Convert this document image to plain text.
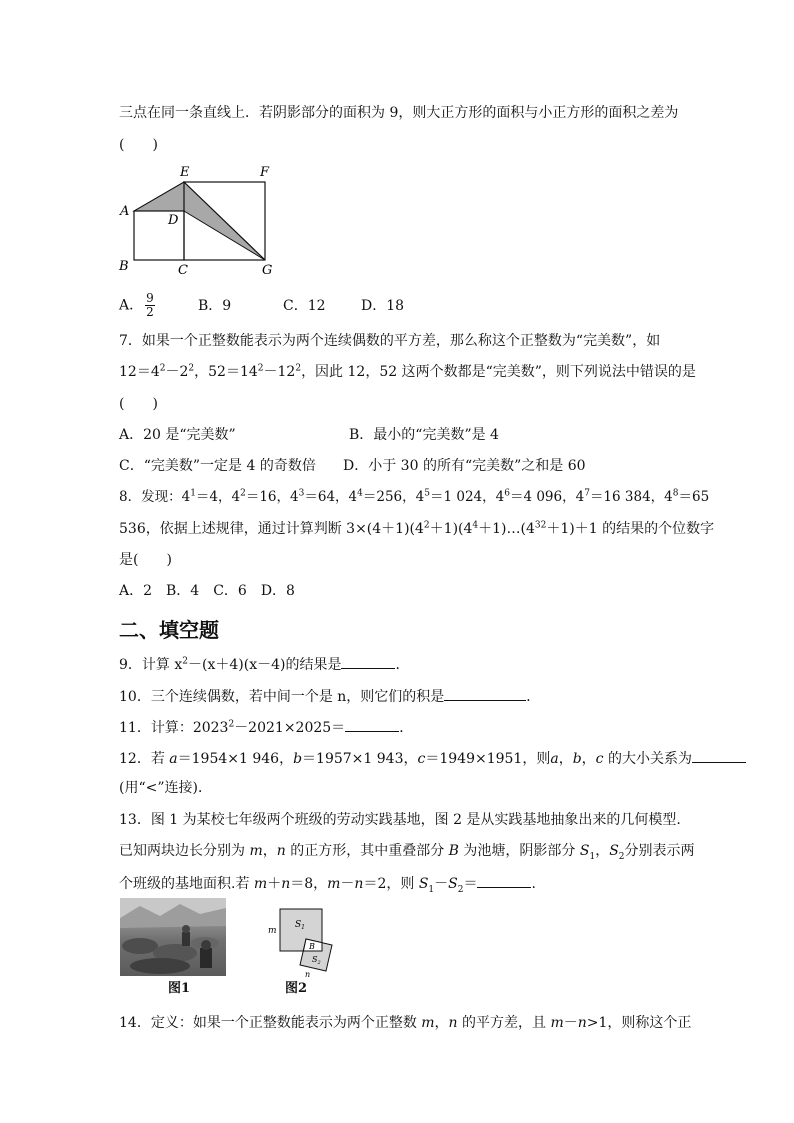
三点在同一条直线上．若阴影部分的面积为 9，则大正方形的面积与小正方形的面积之差为
(　　)
E	F
A
D
B	C	G
A． $\frac{9}{2}$	B．9	C．12	D．18
7．如果一个正整数能表示为两个连续偶数的平方差，那么称这个正整数为“完美数”，如
$12=4^2-2^2$，$52=14^2-12^2$，因此 12，52 这两个数都是“完美数”，则下列说法中错误的是
(　　)
A．20 是“完美数”	B．最小的“完美数”是 4
C．“完美数”一定是 4 的奇数倍 D．小于 30 的所有“完美数”之和是 60
8．发现：$4^1=4$，$4^2=16$，$4^3=64$，$4^4=256$，$4^5=1$ 024，$4^6=4$ 096，$4^7=16$ 384，$4^8=65$
536，依据上述规律，通过计算判断 $3\times(4+1)(4^2+1)(4^4+1)\dots(4^{32}+1)+1$ 的结果的个位数字
是(　　)
A．2　B．4　C．6　D．8
二、填空题
9．计算 $x^2-(x+4)(x-4)$的结果是	．
10．三个连续偶数，若中间一个是 n，则它们的积是	．
11．计算：$2023^2-2021\times 2025=$	．
12．若 a＝1954×1 946，b＝1957×1 943，c＝1949×1951，则a，b，c 的大小关系为
(用“<”连接)．
13．图 1 为某校七年级两个班级的劳动实践基地，图 2 是从实践基地抽象出来的几何模型.
已知两块边长分别为 m，n 的正方形，其中重叠部分 B 为池塘，阴影部分 $S_1$，$S_2$分别表示两
个班级的基地面积.若 m＋n＝8，m－n＝2，则 $S_1-S_2=$	.
图1
m
$S_1$
B
$S_2$
n
图2
14．定义：如果一个正整数能表示为两个正整数 m，n 的平方差，且 m－n>1，则称这个正
